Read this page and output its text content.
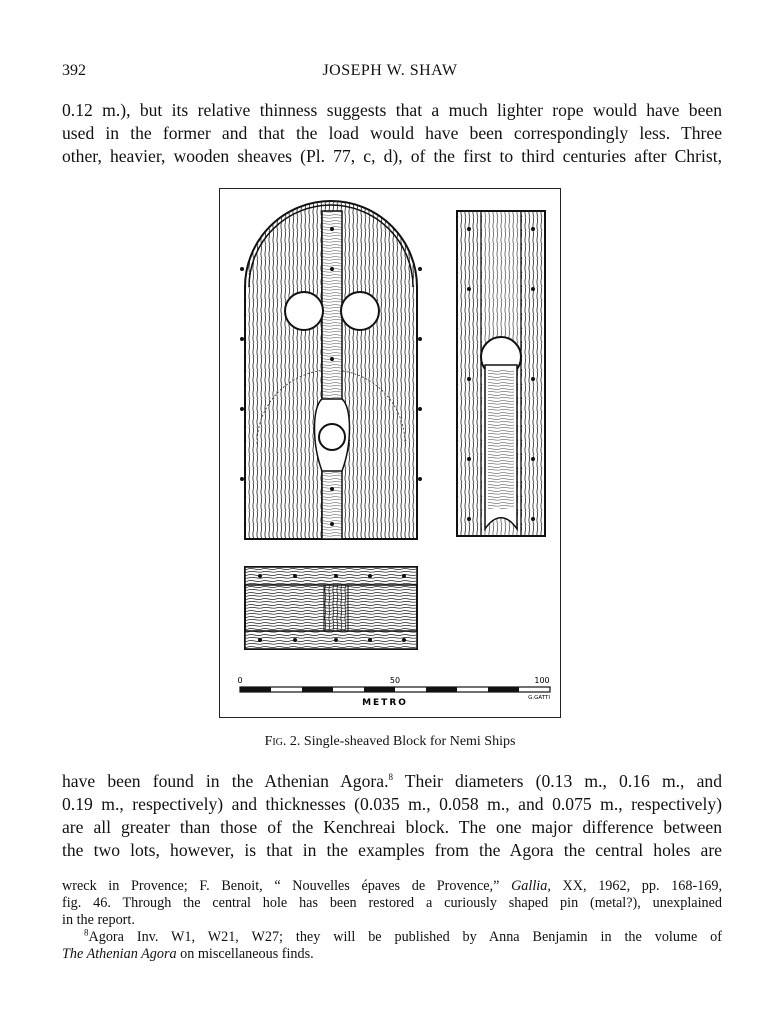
392	JOSEPH W. SHAW
0.12 m.), but its relative thinness suggests that a much lighter rope would have been
used in the former and that the load would have been correspondingly less. Three
other, heavier, wooden sheaves (Pl. 77, c, d), of the first to third centuries after Christ,
0	50	100
METRO	G.GATTI
Fig. 2. Single-sheaved Block for Nemi Ships
have been found in the Athenian Agora.$^8$ Their diameters (0.13 m., 0.16 m., and
0.19 m., respectively) and thicknesses (0.035 m., 0.058 m., and 0.075 m., respectively)
are all greater than those of the Kenchreai block. The one major difference between
the two lots, however, is that in the examples from the Agora the central holes are
wreck in Provence; F. Benoit, “ Nouvelles épaves de Provence,” Gallia, XX, 1962, pp. 168-169,
fig. 46. Through the central hole has been restored a curiously shaped pin (metal?), unexplained
in the report.
$^8$Agora Inv. W1, W21, W27; they will be published by Anna Benjamin in the volume of
The Athenian Agora on miscellaneous finds.
